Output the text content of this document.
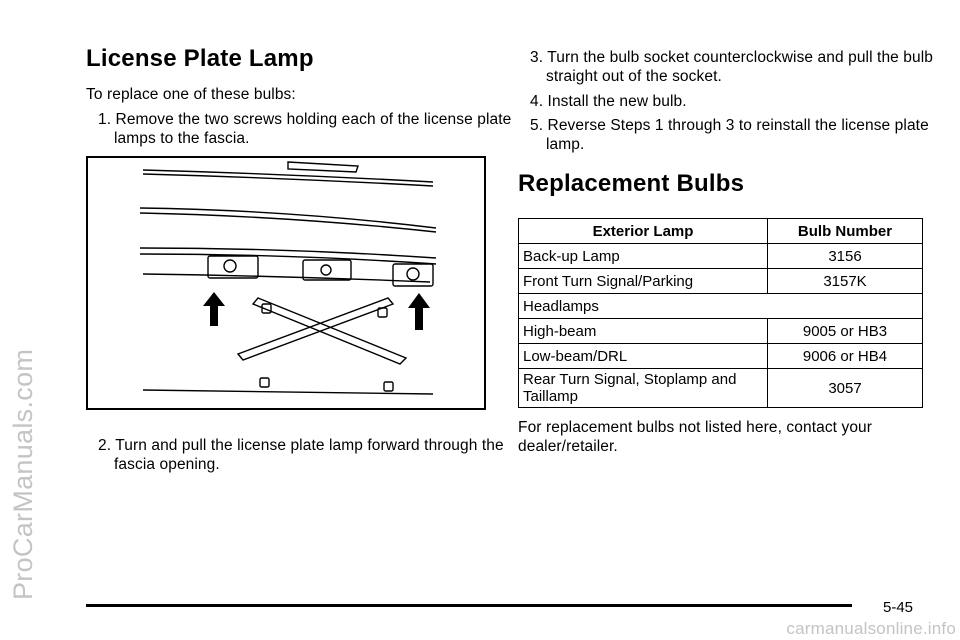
ProCarManuals.com
carmanualsonline.info
License Plate Lamp

To replace one of these bulbs:

1. Remove the two screws holding each of the license plate lamps to the fascia.

2. Turn and pull the license plate lamp forward through the fascia opening.

3. Turn the bulb socket counterclockwise and pull the bulb straight out of the socket.

4. Install the new bulb.

5. Reverse Steps 1 through 3 to reinstall the license plate lamp.

Replacement Bulbs
Exterior Lamp	Bulb Number
Back-up Lamp	3156
Front Turn Signal/Parking	3157K
Headlamps	
High-beam	9005 or HB3
Low-beam/DRL	9006 or HB4
Rear Turn Signal, Stoplamp and Taillamp	3057

For replacement bulbs not listed here, contact your dealer/retailer.

5-45
